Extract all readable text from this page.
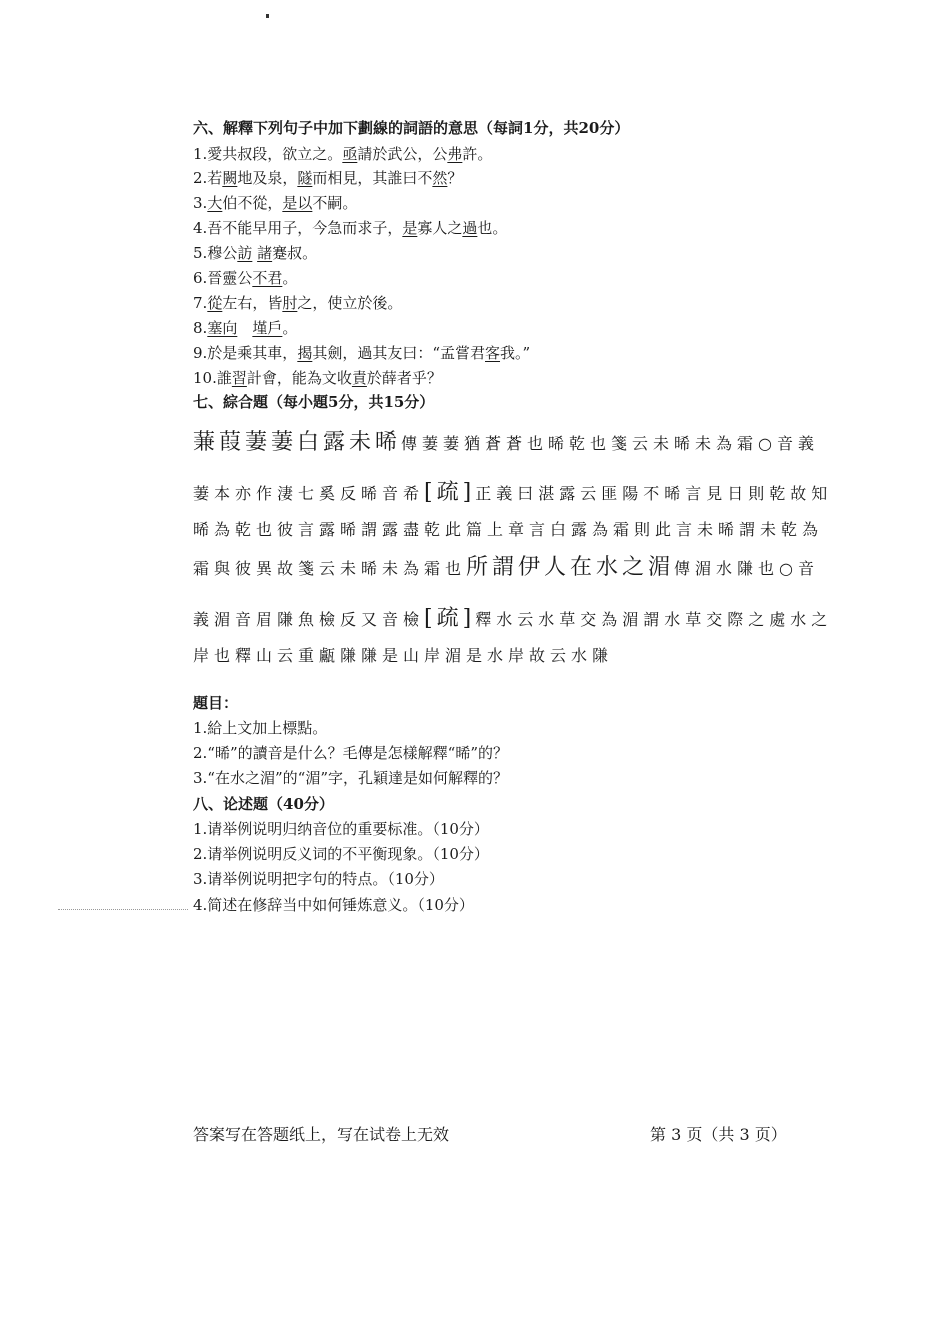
六、解釋下列句子中加下劃線的詞語的意思（每詞1分，共20分）
1.愛共叔段，欲立之。亟請於武公，公弗許。
2.若闕地及泉，隧而相見，其誰曰不然？
3.大伯不從，是以不嗣。
4.吾不能早用子，今急而求子，是寡人之過也。
5.穆公訪 諸蹇叔。
6.晉靈公不君。
7.從左右，皆肘之，使立於後。
8.塞向　 墐戶。
9.於是乘其車，揭其劍，過其友曰：“孟嘗君客我。”
10.誰習計會，能為文收責於薛者乎？
七、綜合題（每小題5分，共15分）
蒹葭萋萋白露未晞傳萋萋猶蒼蒼也晞乾也箋云未晞未為霜○音義
萋本亦作淒七奚反晞音希[疏]正義曰湛露云匪陽不晞言見日則乾故知
晞為乾也彼言露晞謂露盡乾此篇上章言白露為霜則此言未晞謂未乾為
霜與彼異故箋云未晞未為霜也所謂伊人在水之湄傳湄水隒也○音
義湄音眉隒魚檢反又音檢[疏]釋水云水草交為湄謂水草交際之處水之
岸也釋山云重甗隒隒是山岸湄是水岸故云水隒
題目：
1.給上文加上標點。
2.“晞”的讀音是什么？毛傳是怎樣解釋“晞”的？
3.“在水之湄”的“湄”字，孔穎達是如何解釋的？
八、论述题（40分）
1.请举例说明归纳音位的重要标准。（10分）
2.请举例说明反义词的不平衡现象。（10分）
3.请举例说明把字句的特点。（10分）
4.简述在修辞当中如何锤炼意义。（10分）
答案写在答题纸上，写在试卷上无效	第 3 页（共 3 页）
